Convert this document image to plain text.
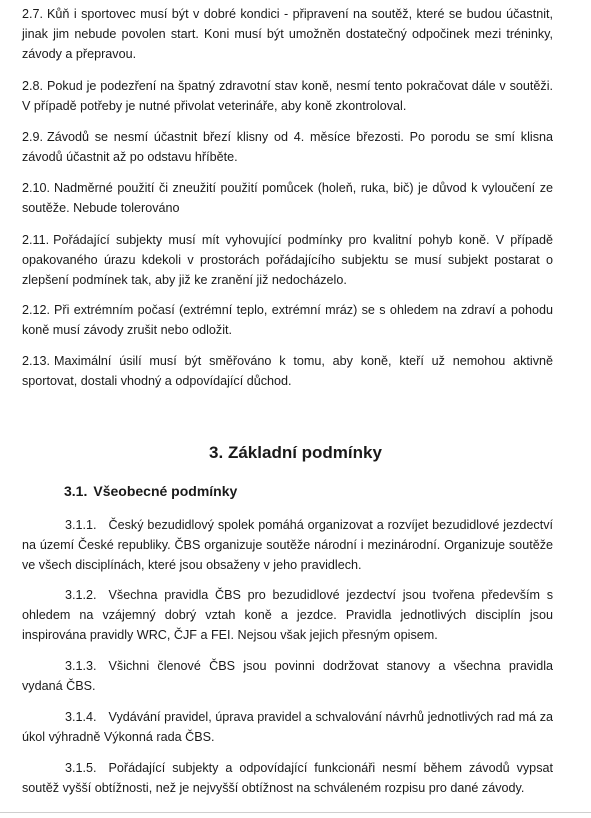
2.7. Kůň i sportovec musí být v dobré kondici - připravení na soutěž, které se budou účastnit, jinak jim nebude povolen start. Koni musí být umožněn dostatečný odpočinek mezi tréninky, závody a přepravou.

2.8. Pokud je podezření na špatný zdravotní stav koně, nesmí tento pokračovat dále v soutěži. V případě potřeby je nutné přivolat veterináře, aby koně zkontroloval.

2.9. Závodů se nesmí účastnit březí klisny od 4. měsíce březosti. Po porodu se smí klisna závodů účastnit až po odstavu hříběte.

2.10. Nadměrné použití či zneužití použití pomůcek (holeň, ruka, bič) je důvod k vyloučení ze soutěže. Nebude tolerováno

2.11. Pořádající subjekty musí mít vyhovující podmínky pro kvalitní pohyb koně. V případě opakovaného úrazu kdekoli v prostorách pořádajícího subjektu se musí subjekt postarat o zlepšení podmínek tak, aby již ke zranění již nedocházelo.

2.12. Při extrémním počasí (extrémní teplo, extrémní mráz) se s ohledem na zdraví a pohodu koně musí závody zrušit nebo odložit.

2.13. Maximální úsilí musí být směřováno k tomu, aby koně, kteří už nemohou aktivně sportovat, dostali vhodný a odpovídající důchod.

3. Základní podmínky
3.1. Všeobecné podmínky

3.1.1. Český bezudidlový spolek pomáhá organizovat a rozvíjet bezudidlové jezdectví na území České republiky. ČBS organizuje soutěže národní i mezinárodní. Organizuje soutěže ve všech disciplínách, které jsou obsaženy v jeho pravidlech.

3.1.2. Všechna pravidla ČBS pro bezudidlové jezdectví jsou tvořena především s ohledem na vzájemný dobrý vztah koně a jezdce. Pravidla jednotlivých disciplín jsou inspirována pravidly WRC, ČJF a FEI. Nejsou však jejich přesným opisem.

3.1.3. Všichni členové ČBS jsou povinni dodržovat stanovy a všechna pravidla vydaná ČBS.

3.1.4. Vydávání pravidel, úprava pravidel a schvalování návrhů jednotlivých rad má za úkol výhradně Výkonná rada ČBS.

3.1.5. Pořádající subjekty a odpovídající funkcionáři nesmí během závodů vypsat soutěž vyšší obtížnosti, než je nejvyšší obtížnost na schváleném rozpisu pro dané závody.
